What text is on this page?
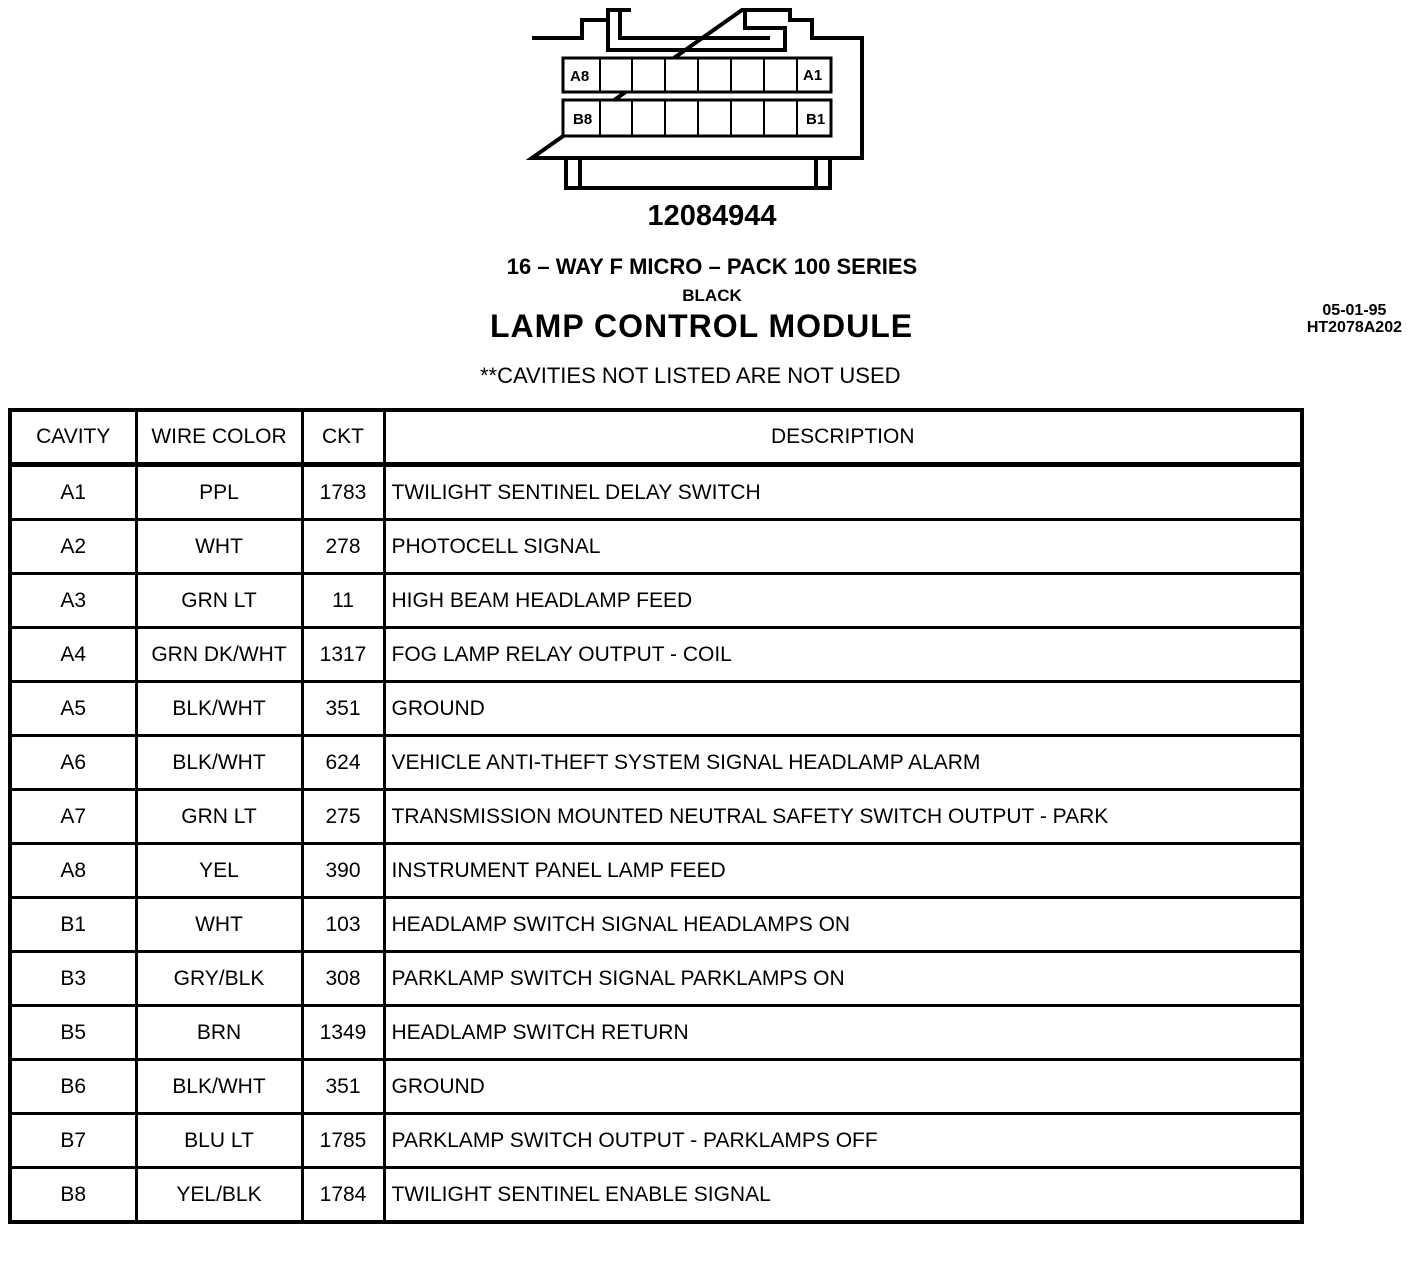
A8	A1
B8	B1
12084944
16 – WAY F MICRO – PACK 100 SERIES
BLACK
LAMP CONTROL MODULE
**CAVITIES NOT LISTED ARE NOT USED
05-01-95
HT2078A202
CAVITY	WIRE COLOR	CKT	DESCRIPTION
A1	PPL	1783	TWILIGHT SENTINEL DELAY SWITCH
A2	WHT	278	PHOTOCELL SIGNAL
A3	GRN LT	11	HIGH BEAM HEADLAMP FEED
A4	GRN DK/WHT	1317	FOG LAMP RELAY OUTPUT - COIL
A5	BLK/WHT	351	GROUND
A6	BLK/WHT	624	VEHICLE ANTI-THEFT SYSTEM SIGNAL HEADLAMP ALARM
A7	GRN LT	275	TRANSMISSION MOUNTED NEUTRAL SAFETY SWITCH OUTPUT - PARK
A8	YEL	390	INSTRUMENT PANEL LAMP FEED
B1	WHT	103	HEADLAMP SWITCH SIGNAL HEADLAMPS ON
B3	GRY/BLK	308	PARKLAMP SWITCH SIGNAL PARKLAMPS ON
B5	BRN	1349	HEADLAMP SWITCH RETURN
B6	BLK/WHT	351	GROUND
B7	BLU LT	1785	PARKLAMP SWITCH OUTPUT - PARKLAMPS OFF
B8	YEL/BLK	1784	TWILIGHT SENTINEL ENABLE SIGNAL
